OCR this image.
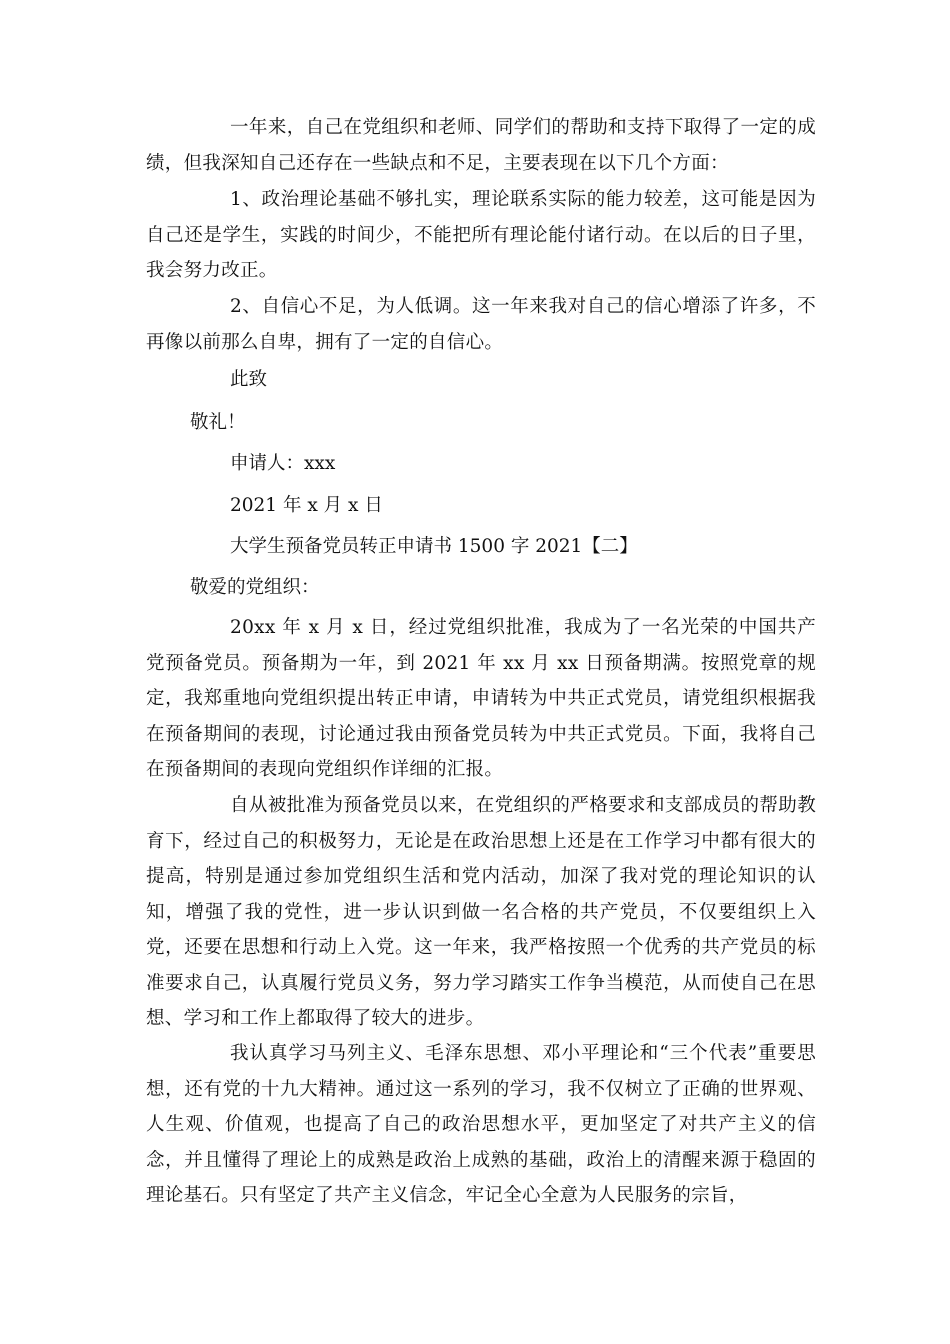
一年来，自己在党组织和老师、同学们的帮助和支持下取得了一定的成绩，但我深知自己还存在一些缺点和不足，主要表现在以下几个方面：

1、政治理论基础不够扎实，理论联系实际的能力较差，这可能是因为自己还是学生，实践的时间少，不能把所有理论能付诸行动。在以后的日子里，我会努力改正。

2、自信心不足，为人低调。这一年来我对自己的信心增添了许多，不再像以前那么自卑，拥有了一定的自信心。

此致

敬礼！

申请人：xxx

2021 年 x 月 x 日

大学生预备党员转正申请书 1500 字 2021【二】

敬爱的党组织：

20xx 年 x 月 x 日，经过党组织批准，我成为了一名光荣的中国共产党预备党员。预备期为一年，到 2021 年 xx 月 xx 日预备期满。按照党章的规定，我郑重地向党组织提出转正申请，申请转为中共正式党员，请党组织根据我在预备期间的表现，讨论通过我由预备党员转为中共正式党员。下面，我将自己在预备期间的表现向党组织作详细的汇报。

自从被批准为预备党员以来，在党组织的严格要求和支部成员的帮助教育下，经过自己的积极努力，无论是在政治思想上还是在工作学习中都有很大的提高，特别是通过参加党组织生活和党内活动，加深了我对党的理论知识的认知，增强了我的党性，进一步认识到做一名合格的共产党员，不仅要组织上入党，还要在思想和行动上入党。这一年来，我严格按照一个优秀的共产党员的标准要求自己，认真履行党员义务，努力学习踏实工作争当模范，从而使自己在思想、学习和工作上都取得了较大的进步。

我认真学习马列主义、毛泽东思想、邓小平理论和“三个代表”重要思想，还有党的十九大精神。通过这一系列的学习，我不仅树立了正确的世界观、人生观、价值观，也提高了自己的政治思想水平，更加坚定了对共产主义的信念，并且懂得了理论上的成熟是政治上成熟的基础，政治上的清醒来源于稳固的理论基石。只有坚定了共产主义信念，牢记全心全意为人民服务的宗旨，
